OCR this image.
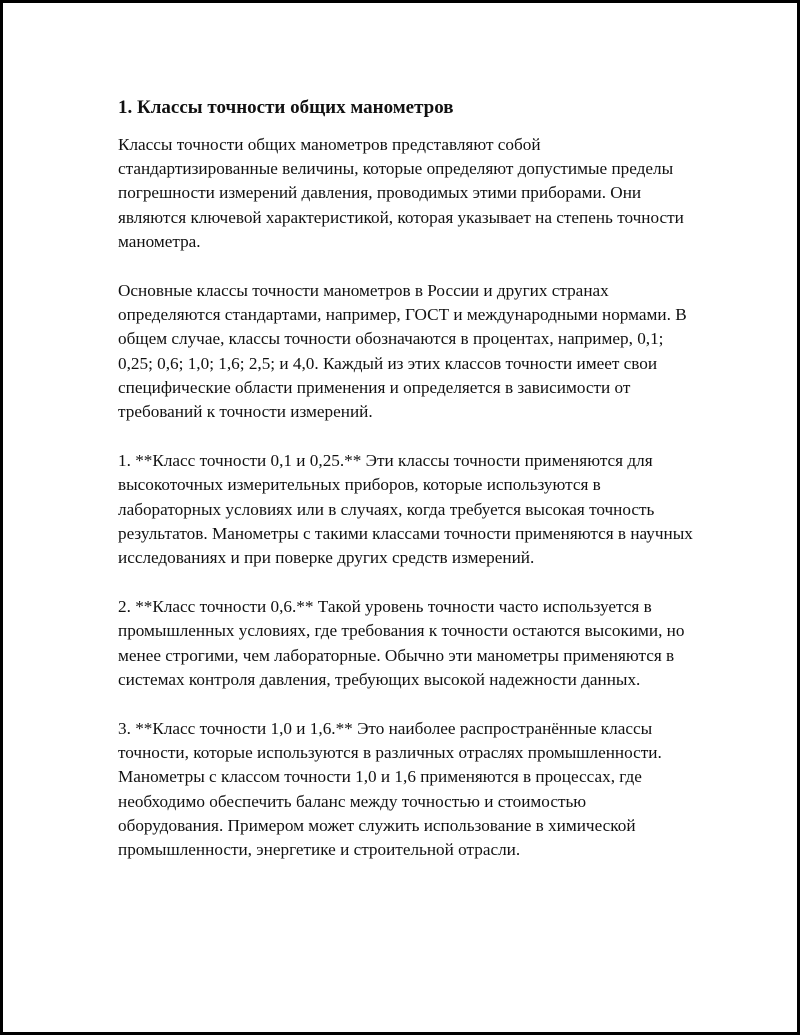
1. Классы точности общих манометров

Классы точности общих манометров представляют собой стандартизированные величины, которые определяют допустимые пределы погрешности измерений давления, проводимых этими приборами. Они являются ключевой характеристикой, которая указывает на степень точности манометра.

Основные классы точности манометров в России и других странах определяются стандартами, например, ГОСТ и международными нормами. В общем случае, классы точности обозначаются в процентах, например, 0,1; 0,25; 0,6; 1,0; 1,6; 2,5; и 4,0. Каждый из этих классов точности имеет свои специфические области применения и определяется в зависимости от требований к точности измерений.

1. **Класс точности 0,1 и 0,25.** Эти классы точности применяются для высокоточных измерительных приборов, которые используются в лабораторных условиях или в случаях, когда требуется высокая точность результатов. Манометры с такими классами точности применяются в научных исследованиях и при поверке других средств измерений.

2. **Класс точности 0,6.** Такой уровень точности часто используется в промышленных условиях, где требования к точности остаются высокими, но менее строгими, чем лабораторные. Обычно эти манометры применяются в системах контроля давления, требующих высокой надежности данных.

3. **Класс точности 1,0 и 1,6.** Это наиболее распространённые классы точности, которые используются в различных отраслях промышленности. Манометры с классом точности 1,0 и 1,6 применяются в процессах, где необходимо обеспечить баланс между точностью и стоимостью оборудования. Примером может служить использование в химической промышленности, энергетике и строительной отрасли.
